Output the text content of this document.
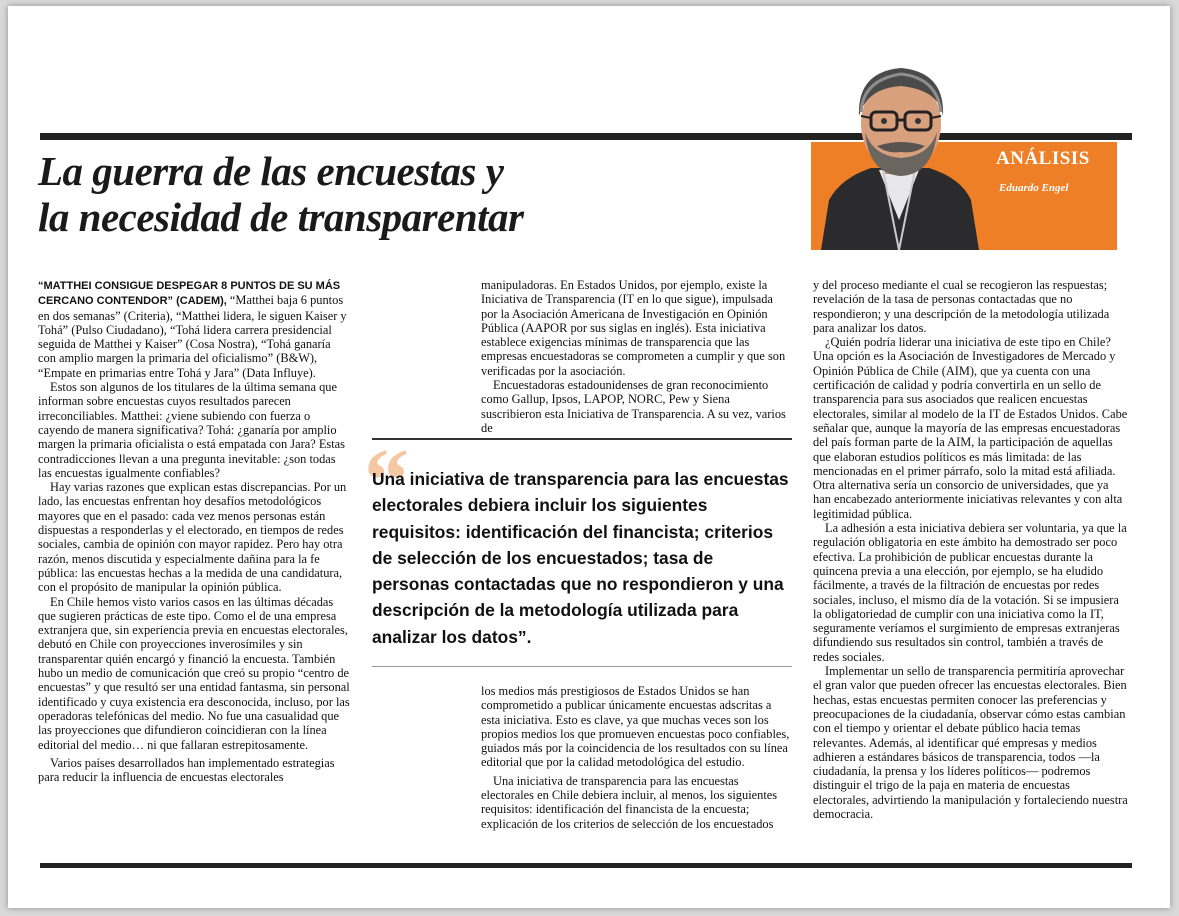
La guerra de las encuestas y
la necesidad de transparentar
ANÁLISIS
Eduardo Engel

“MATTHEI CONSIGUE DESPEGAR 8 PUNTOS DE SU MÁS CERCANO CONTENDOR” (CADEM), “Matthei baja 6 puntos en dos semanas” (Criteria), “Matthei lidera, le siguen Kaiser y Tohá” (Pulso Ciudadano), “Tohá lidera carrera presidencial seguida de Matthei y Kaiser” (Cosa Nostra), “Tohá ganaría con amplio margen la primaria del oficialismo” (B&W), “Empate en primarias entre Tohá y Jara” (Data Influye).

Estos son algunos de los titulares de la última semana que informan sobre encuestas cuyos resultados parecen irreconciliables. Matthei: ¿viene subiendo con fuerza o cayendo de manera significativa? Tohá: ¿ganaría por amplio margen la primaria oficialista o está empatada con Jara? Estas contradicciones llevan a una pregunta inevitable: ¿son todas las encuestas igualmente confiables?

Hay varias razones que explican estas discrepancias. Por un lado, las encuestas enfrentan hoy desafíos metodológicos mayores que en el pasado: cada vez menos personas están dispuestas a responderlas y el electorado, en tiempos de redes sociales, cambia de opinión con mayor rapidez. Pero hay otra razón, menos discutida y especialmente dañina para la fe pública: las encuestas hechas a la medida de una candidatura, con el propósito de manipular la opinión pública.

En Chile hemos visto varios casos en las últimas décadas que sugieren prácticas de este tipo. Como el de una empresa extranjera que, sin experiencia previa en encuestas electorales, debutó en Chile con proyecciones inverosímiles y sin transparentar quién encargó y financió la encuesta. También hubo un medio de comunicación que creó su propio “centro de encuestas” y que resultó ser una entidad fantasma, sin personal identificado y cuya existencia era desconocida, incluso, por las operadoras telefónicas del medio. No fue una casualidad que las proyecciones que difundieron coincidieran con la línea editorial del medio… ni que fallaran estrepitosamente.

Varios países desarrollados han implementado estrategias para reducir la influencia de encuestas electorales

manipuladoras. En Estados Unidos, por ejemplo, existe la Iniciativa de Transparencia (IT en lo que sigue), impulsada por la Asociación Americana de Investigación en Opinión Pública (AAPOR por sus siglas en inglés). Esta iniciativa establece exigencias mínimas de transparencia que las empresas encuestadoras se comprometen a cumplir y que son verificadas por la asociación.

Encuestadoras estadounidenses de gran reconocimiento como Gallup, Ipsos, LAPOP, NORC, Pew y Siena suscribieron esta Iniciativa de Transparencia. A su vez, varios de

“

Una iniciativa de transparencia para las encuestas electorales debiera incluir los siguientes requisitos: identificación del financista; criterios de selección de los encuestados; tasa de personas contactadas que no respondieron y una descripción de la metodología utilizada para analizar los datos”.

los medios más prestigiosos de Estados Unidos se han comprometido a publicar únicamente encuestas adscritas a esta iniciativa. Esto es clave, ya que muchas veces son los propios medios los que promueven encuestas poco confiables, guiados más por la coincidencia de los resultados con su línea editorial que por la calidad metodológica del estudio.

Una iniciativa de transparencia para las encuestas electorales en Chile debiera incluir, al menos, los siguientes requisitos: identificación del financista de la encuesta; explicación de los criterios de selección de los encuestados

y del proceso mediante el cual se recogieron las respuestas; revelación de la tasa de personas contactadas que no respondieron; y una descripción de la metodología utilizada para analizar los datos.

¿Quién podría liderar una iniciativa de este tipo en Chile? Una opción es la Asociación de Investigadores de Mercado y Opinión Pública de Chile (AIM), que ya cuenta con una certificación de calidad y podría convertirla en un sello de transparencia para sus asociados que realicen encuestas electorales, similar al modelo de la IT de Estados Unidos. Cabe señalar que, aunque la mayoría de las empresas encuestadoras del país forman parte de la AIM, la participación de aquellas que elaboran estudios políticos es más limitada: de las mencionadas en el primer párrafo, solo la mitad está afiliada. Otra alternativa sería un consorcio de universidades, que ya han encabezado anteriormente iniciativas relevantes y con alta legitimidad pública.

La adhesión a esta iniciativa debiera ser voluntaria, ya que la regulación obligatoria en este ámbito ha demostrado ser poco efectiva. La prohibición de publicar encuestas durante la quincena previa a una elección, por ejemplo, se ha eludido fácilmente, a través de la filtración de encuestas por redes sociales, incluso, el mismo día de la votación. Si se impusiera la obligatoriedad de cumplir con una iniciativa como la IT, seguramente veríamos el surgimiento de empresas extranjeras difundiendo sus resultados sin control, también a través de redes sociales.

Implementar un sello de transparencia permitiría aprovechar el gran valor que pueden ofrecer las encuestas electorales. Bien hechas, estas encuestas permiten conocer las preferencias y preocupaciones de la ciudadanía, observar cómo estas cambian con el tiempo y orientar el debate público hacia temas relevantes. Además, al identificar qué empresas y medios adhieren a estándares básicos de transparencia, todos —la ciudadanía, la prensa y los líderes políticos— podremos distinguir el trigo de la paja en materia de encuestas electorales, advirtiendo la manipulación y fortaleciendo nuestra democracia.
